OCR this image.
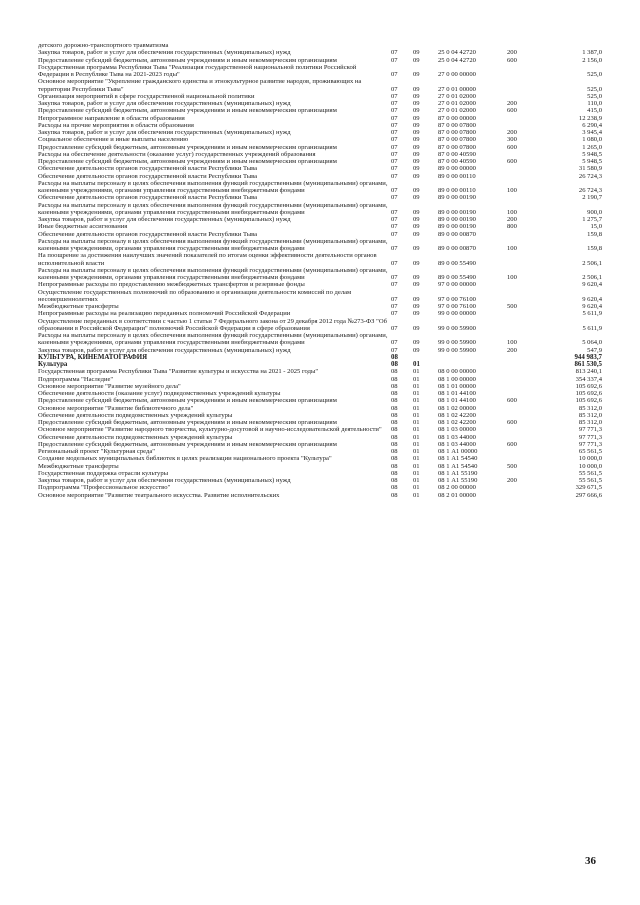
детского дорожно-транспортного травматизма
Закупка товаров, работ и услуг для обеспечения государственных (муниципальных) нужд	07 09	25 0 04 42720	200	1 387,0
Предоставление субсидий бюджетным, автономным учреждениям и иным некоммерческим организациям	07 09	25 0 04 42720	600	2 156,0
Государственная программа Республики Тыва "Реализация государственной национальной политики Российской Федерации в Республике Тыва на 2021-2023 годы"	07 09	27 0 00 00000	525,0
Основное мероприятие "Укрепление гражданского единства и этнокультурное развитие народов, проживающих на территории Республики Тыва"	07 09	27 0 01 00000	525,0
Организация мероприятий в сфере государственной национальной политики	07 09	27 0 01 02000	525,0
Закупка товаров, работ и услуг для обеспечения государственных (муниципальных) нужд	07 09	27 0 01 02000	200	110,0
Предоставление субсидий бюджетным, автономным учреждениям и иным некоммерческим организациям	07 09	27 0 01 02000	600	415,0
Непрограммное направление в области образования	07 09	87 0 00 00000	12 238,9
Расходы на прочие мероприятия в области образования	07 09	87 0 00 07800	6 290,4
Закупка товаров, работ и услуг для обеспечения государственных (муниципальных) нужд	07 09	87 0 00 07800	200	3 945,4
Социальное обеспечение и иные выплаты населению	07 09	87 0 00 07800	300	1 080,0
Предоставление субсидий бюджетным, автономным учреждениям и иным некоммерческим организациям	07 09	87 0 00 07800	600	1 265,0
Расходы на обеспечение деятельности (оказание услуг) государственных учреждений образования	07 09	87 0 00 40590	5 948,5
Предоставление субсидий бюджетным, автономным учреждениям и иным некоммерческим организациям	07 09	87 0 00 40590	600	5 948,5
Обеспечение деятельности органов государственной власти Республики Тыва	07 09	89 0 00 00000	31 580,9
Обеспечение деятельности органов государственной власти Республики Тыва	07 09	89 0 00 00110	26 724,3
Расходы на выплаты персоналу в целях обеспечения выполнения функций государственными (муниципальными) органами, казенными учреждениями, органами управления государственными внебюджетными фондами	07 09	89 0 00 00110	100	26 724,3
Обеспечение деятельности органов государственной власти Республики Тыва	07 09	89 0 00 00190	2 190,7
Расходы на выплаты персоналу в целях обеспечения выполнения функций государственными (муниципальными) органами, казенными учреждениями, органами управления государственными внебюджетными фондами	07 09	89 0 00 00190	100	900,0
Закупка товаров, работ и услуг для обеспечения государственных (муниципальных) нужд	07 09	89 0 00 00190	200	1 275,7
Иные бюджетные ассигнования	07 09	89 0 00 00190	800	15,0
Обеспечение деятельности органов государственной власти Республики Тыва	07 09	89 0 00 00870	159,8
Расходы на выплаты персоналу в целях обеспечения выполнения функций государственными (муниципальными) органами, казенными учреждениями, органами управления государственными внебюджетными фондами	07 09	89 0 00 00870	100	159,8
На поощрение за достижения наилучших значений показателей по итогам оценки эффективности деятельности органов исполнительной власти	07 09	89 0 00 55490	2 506,1
Расходы на выплаты персоналу в целях обеспечения выполнения функций государственными (муниципальными) органами, казенными учреждениями, органами управления государственными внебюджетными фондами	07 09	89 0 00 55490	100	2 506,1
Непрограммные расходы по предоставлению межбюджетных трансфертов и резервные фонды	07 09	97 0 00 00000	9 620,4
Осуществление государственных полномочий по образованию и организации деятельности комиссий по делам несовершеннолетних	07 09	97 0 00 76100	9 620,4
Межбюджетные трансферты	07 09	97 0 00 76100	500	9 620,4
Непрограммные расходы на реализацию переданных полномочий Российской Федерации	07 09	99 0 00 00000	5 611,9
Осуществление переданных в соответствии с частью 1 статьи 7 Федерального закона от 29 декабря 2012 года №273-ФЗ "Об образовании в Российской Федерации" полномочий Российской Федерации в сфере образования	07 09	99 0 00 59900	5 611,9
Расходы на выплаты персоналу в целях обеспечения выполнения функций государственными (муниципальными) органами, казенными учреждениями, органами управления государственными внебюджетными фондами	07 09	99 0 00 59900	100	5 064,0
Закупка товаров, работ и услуг для обеспечения государственных (муниципальных) нужд	07 09	99 0 00 59900	200	547,9
КУЛЬТУРА, КИНЕМАТОГРАФИЯ	08	944 983,7
Культура	08 01	861 530,5
Государственная программа Республики Тыва "Развитие культуры и искусства на 2021 - 2025 годы"	08 01	08 0 00 00000	813 240,1
Подпрограмма "Наследие"	08 01	08 1 00 00000	354 337,4
Основное мероприятие "Развитие музейного дела"	08 01	08 1 01 00000	105 692,6
Обеспечение деятельности (оказание услуг) подведомственных учреждений культуры	08 01	08 1 01 44100	105 692,6
Предоставление субсидий бюджетным, автономным учреждениям и иным некоммерческим организациям	08 01	08 1 01 44100	600	105 692,6
Основное мероприятие "Развитие библиотечного дела"	08 01	08 1 02 00000	85 312,0
Обеспечение деятельности подведомственных учреждений культуры	08 01	08 1 02 42200	85 312,0
Предоставление субсидий бюджетным, автономным учреждениям и иным некоммерческим организациям	08 01	08 1 02 42200	600	85 312,0
Основное мероприятие "Развитие народного творчества, культурно-досуговой и научно-исследовательской деятельности"	08 01	08 1 03 00000	97 771,3
Обеспечение деятельности подведомственных учреждений культуры	08 01	08 1 03 44000	97 771,3
Предоставление субсидий бюджетным, автономным учреждениям и иным некоммерческим организациям	08 01	08 1 03 44000	600	97 771,3
Региональный проект "Культурная среда"	08 01	08 1 А1 00000	65 561,5
Создание модельных муниципальных библиотек в целях реализации национального проекта "Культура"	08 01	08 1 А1 54540	10 000,0
Межбюджетные трансферты	08 01	08 1 А1 54540	500	10 000,0
Государственная поддержка отрасли культуры	08 01	08 1 А1 55190	55 561,5
Закупка товаров, работ и услуг для обеспечения государственных (муниципальных) нужд	08 01	08 1 А1 55190	200	55 561,5
Подпрограмма "Профессиональное искусство"	08 01	08 2 00 00000	329 671,5
Основное мероприятие "Развитие театрального искусства. Развитие исполнительских	08 01	08 2 01 00000	297 666,6
36
